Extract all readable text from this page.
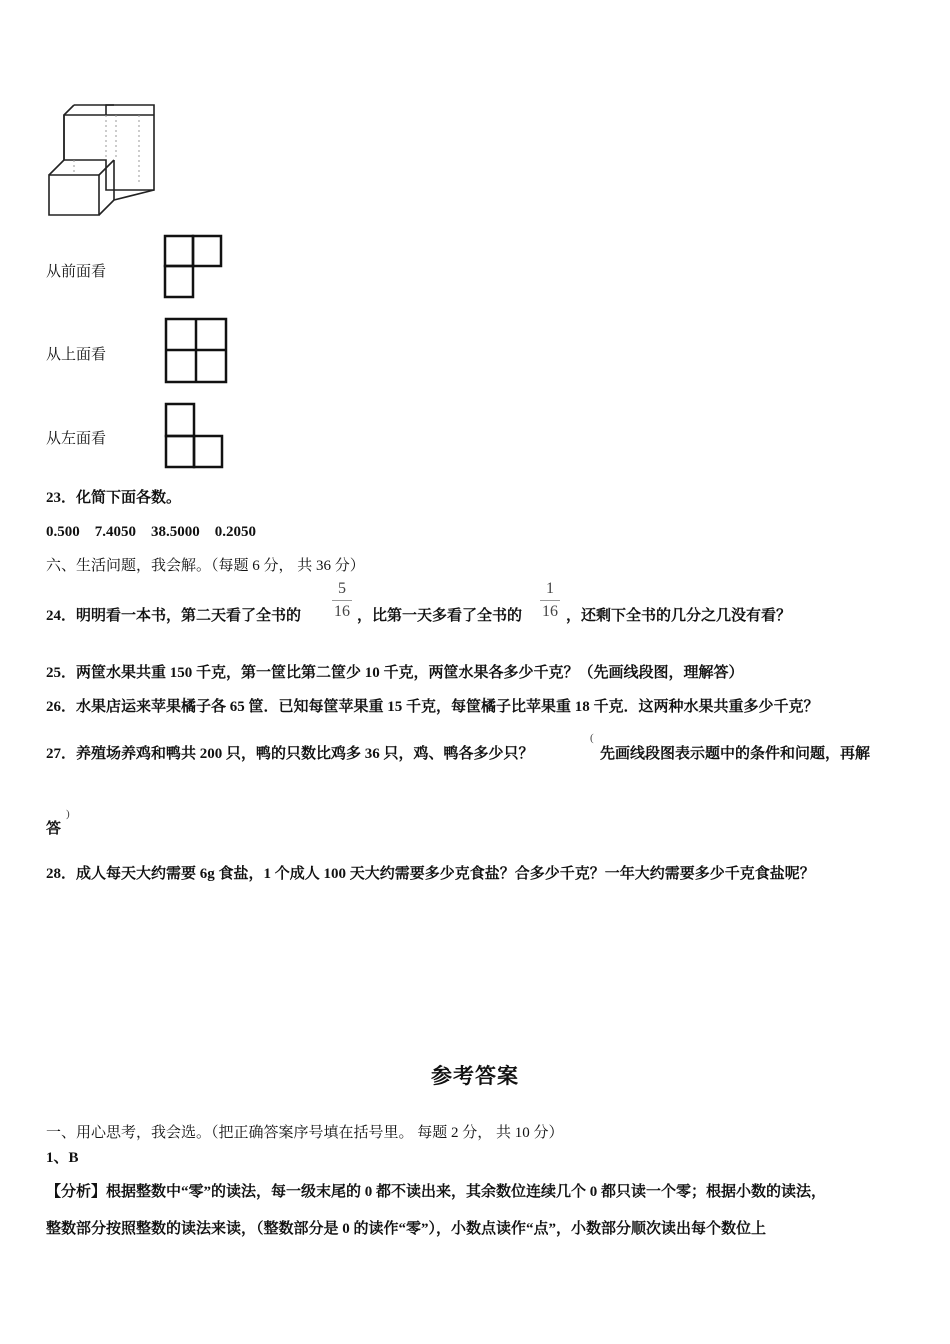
从前面看
从上面看
从左面看
23．化简下面各数。
0.500　7.4050　38.5000　0.2050
六、生活问题，我会解。（每题 6 分， 共 36 分）
24．明明看一本书，第二天看了全书的
5
16 ，比第一天多看了全书的
1
16 ，还剩下全书的几分之几没有看？
25．两筐水果共重 150 千克，第一筐比第二筐少 10 千克，两筐水果各多少千克？（先画线段图，理解答）
26．水果店运来苹果橘子各 65 筐．已知每筐苹果重 15 千克，每筐橘子比苹果重 18 千克．这两种水果共重多少千克？
27．养殖场养鸡和鸭共 200 只，鸭的只数比鸡多 36 只，鸡、鸭各多少只？
(
先画线段图表示题中的条件和问题，再解
)
答
28．成人每天大约需要 6g 食盐，1 个成人 100 天大约需要多少克食盐？合多少千克？一年大约需要多少千克食盐呢？
参考答案
一、用心思考，我会选。（把正确答案序号填在括号里。 每题 2 分， 共 10 分）
1、B
【分析】根据整数中“零”的读法，每一级末尾的 0 都不读出来，其余数位连续几个 0 都只读一个零；根据小数的读法，
整数部分按照整数的读法来读，（整数部分是 0 的读作“零”），小数点读作“点”，小数部分顺次读出每个数位上
